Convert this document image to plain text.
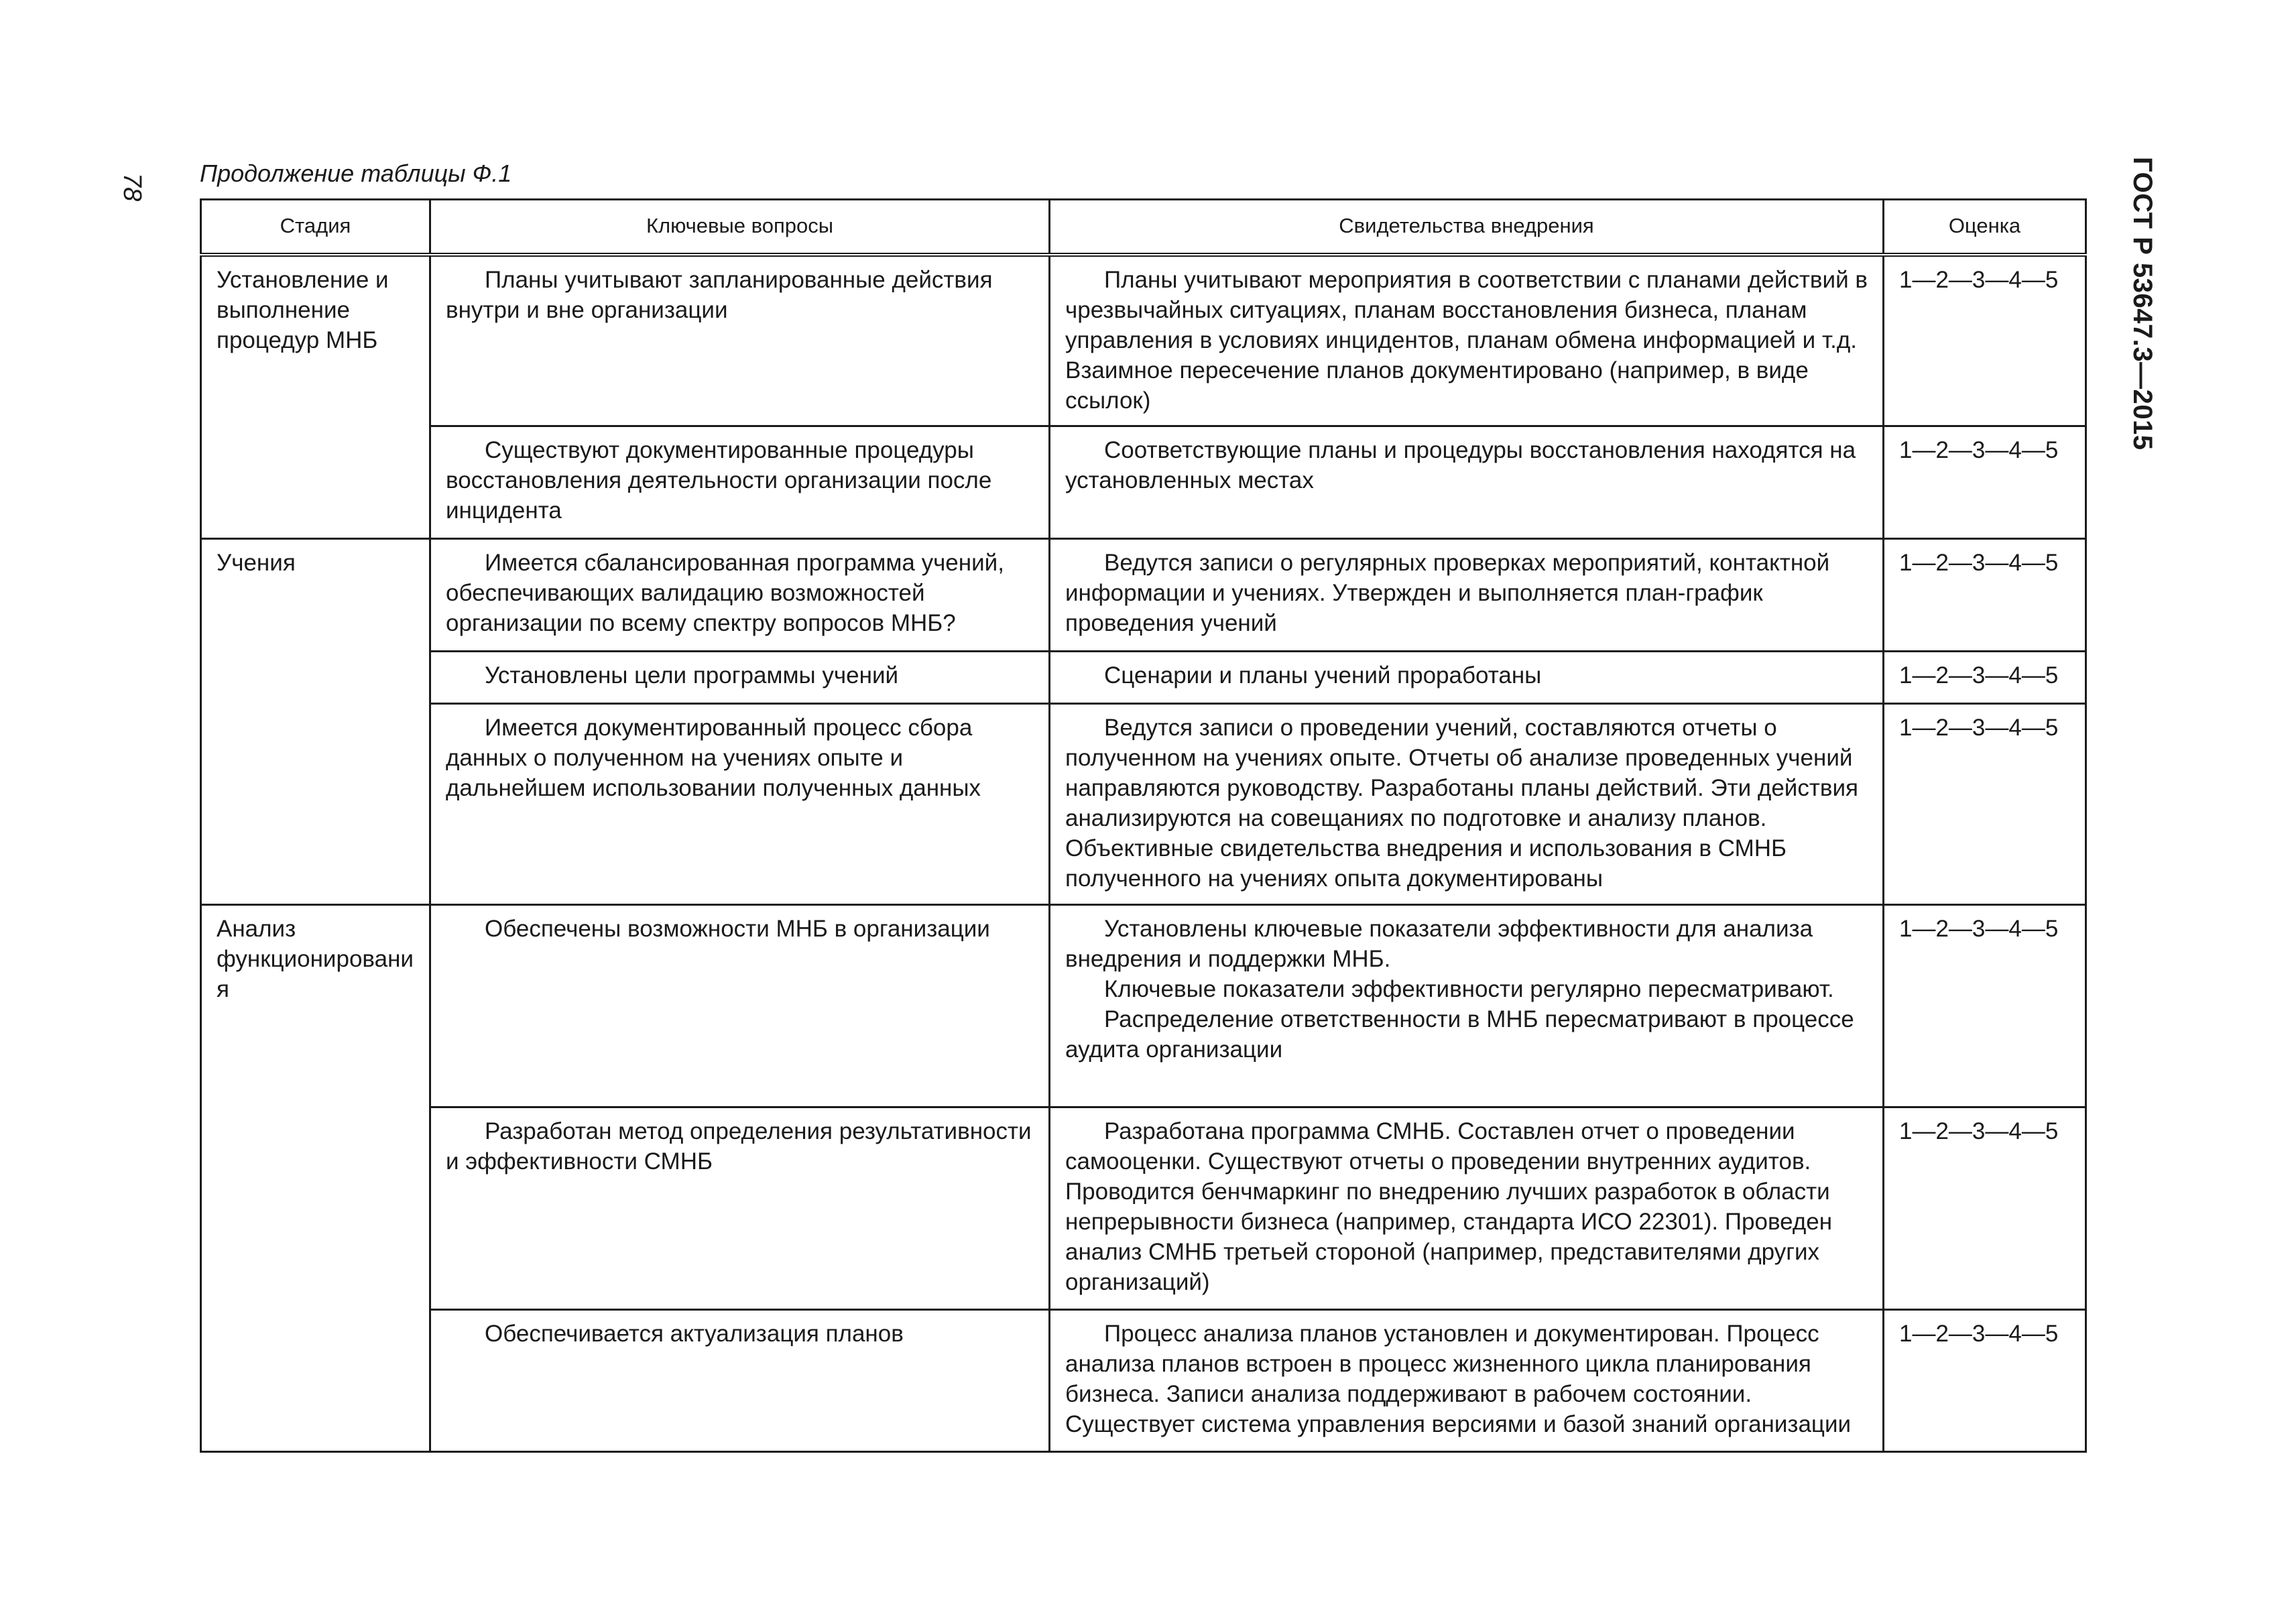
78	ГОСТ Р 53647.3—2015
Продолжение таблицы Ф.1
Стадия	Ключевые вопросы	Свидетельства внедрения	Оценка
Установление и выполнение процедур МНБ	Планы учитывают запланированные действия внутри и вне организации	Планы учитывают мероприятия в соответствии с планами действий в чрезвычайных ситуациях, планам восстановления бизнеса, планам управления в условиях инцидентов, планам обмена информацией и т.д. Взаимное пересечение планов документировано (например, в виде ссылок)	1—2—3—4—5
	Существуют документированные процедуры восстановления деятельности организации после инцидента	Соответствующие планы и процедуры восстановления находятся на установленных местах	1—2—3—4—5
Учения	Имеется сбалансированная программа учений, обеспечивающих валидацию возможностей организации по всему спектру вопросов МНБ?	Ведутся записи о регулярных проверках мероприятий, контактной информации и учениях. Утвержден и выполняется план-график проведения учений	1—2—3—4—5
	Установлены цели программы учений	Сценарии и планы учений проработаны	1—2—3—4—5
	Имеется документированный процесс сбора данных о полученном на учениях опыте и дальнейшем использовании полученных данных	Ведутся записи о проведении учений, составляются отчеты о полученном на учениях опыте. Отчеты об анализе проведенных учений направляются руководству. Разработаны планы действий. Эти действия анализируются на совещаниях по подготовке и анализу планов. Объективные свидетельства внедрения и использования в СМНБ полученного на учениях опыта документированы	1—2—3—4—5
Анализ функционирования	Обеспечены возможности МНБ в организации	Установлены ключевые показатели эффективности для анализа внедрения и поддержки МНБ.
Ключевые показатели эффективности регулярно пересматривают.
Распределение ответственности в МНБ пересматривают в процессе аудита организации	1—2—3—4—5
	Разработан метод определения результативности и эффективности СМНБ	Разработана программа СМНБ. Составлен отчет о проведении самооценки. Существуют отчеты о проведении внутренних аудитов. Проводится бенчмаркинг по внедрению лучших разработок в области непрерывности бизнеса (например, стандарта ИСО 22301). Проведен анализ СМНБ третьей стороной (например, представителями других организаций)	1—2—3—4—5
	Обеспечивается актуализация планов	Процесс анализа планов установлен и документирован. Процесс анализа планов встроен в процесс жизненного цикла планирования бизнеса. Записи анализа поддерживают в рабочем состоянии. Существует система управления версиями и базой знаний организации	1—2—3—4—5
